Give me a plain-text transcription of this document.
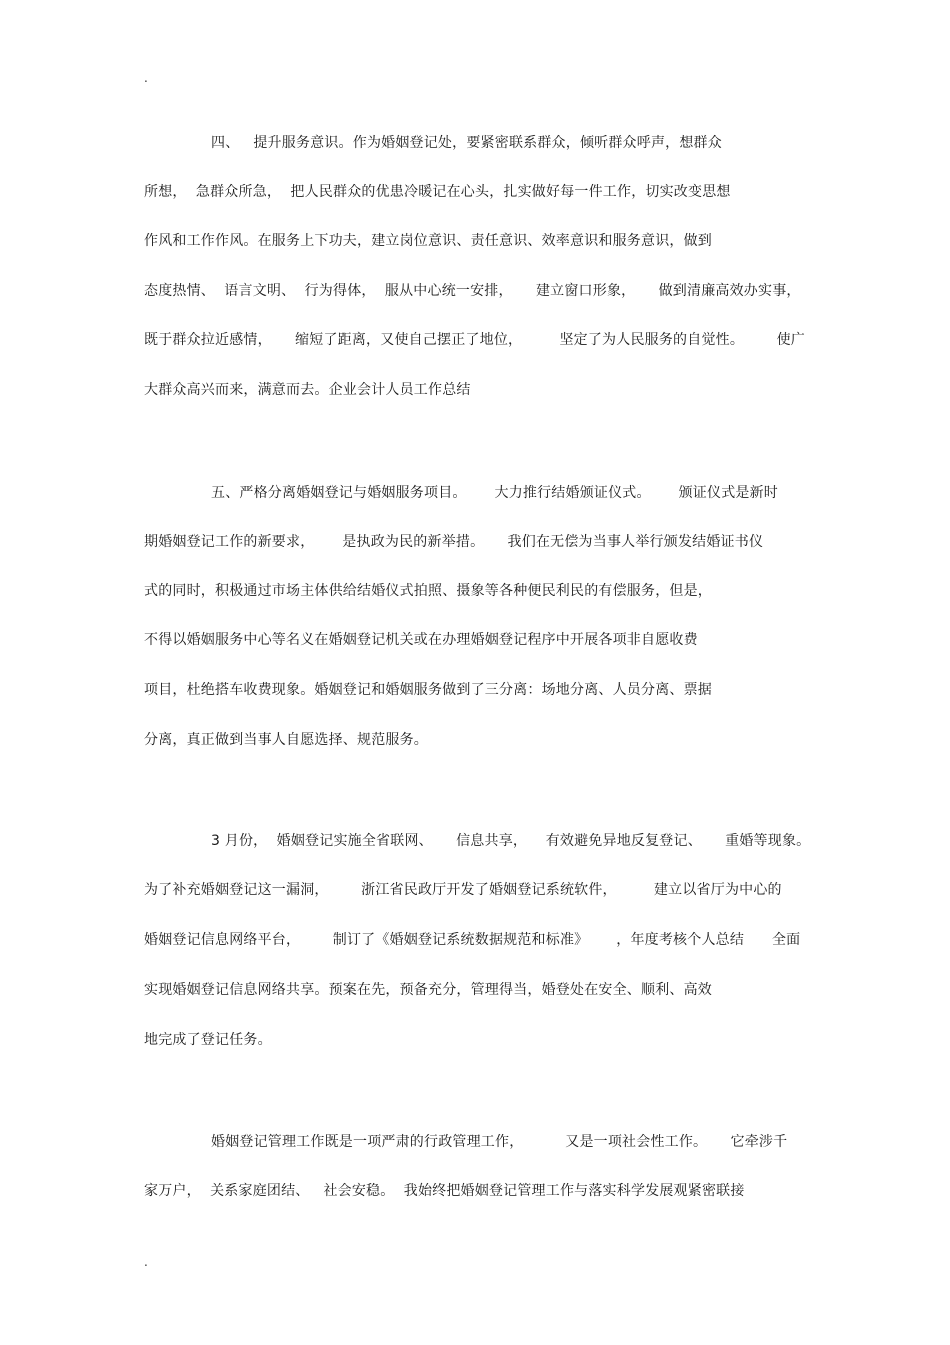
.
四、   提升服务意识。作为婚姻登记处，要紧密联系群众，倾听群众呼声，想群众
所想，  急群众所急，  把人民群众的优患冷暖记在心头，扎实做好每一件工作，切实改变思想
作风和工作作风。在服务上下功夫，建立岗位意识、责任意识、效率意识和服务意识，做到
态度热情、  语言文明、  行为得体，  服从中心统一安排，     建立窗口形象，     做到清廉高效办实事，
既于群众拉近感情，     缩短了距离，又使自己摆正了地位，        坚定了为人民服务的自觉性。       使广
大群众高兴而来，满意而去。企业会计人员工作总结
五、严格分离婚姻登记与婚姻服务项目。      大力推行结婚颁证仪式。      颁证仪式是新时
期婚姻登记工作的新要求，      是执政为民的新举措。     我们在无偿为当事人举行颁发结婚证书仪
式的同时，积极通过市场主体供给结婚仪式拍照、摄象等各种便民利民的有偿服务，但是，
不得以婚姻服务中心等名义在婚姻登记机关或在办理婚姻登记程序中开展各项非自愿收费
项目，杜绝搭车收费现象。婚姻登记和婚姻服务做到了三分离：场地分离、人员分离、票据
分离，真正做到当事人自愿选择、规范服务。
3 月份，  婚姻登记实施全省联网、     信息共享，    有效避免异地反复登记、     重婚等现象。
为了补充婚姻登记这一漏洞，       浙江省民政厅开发了婚姻登记系统软件，        建立以省厅为中心的
婚姻登记信息网络平台，       制订了《婚姻登记系统数据规范和标准》      ，年度考核个人总结      全面
实现婚姻登记信息网络共享。预案在先，预备充分，管理得当，婚登处在安全、顺利、高效
地完成了登记任务。
婚姻登记管理工作既是一项严肃的行政管理工作，         又是一项社会性工作。     它牵涉千
家万户，  关系家庭团结、   社会安稳。  我始终把婚姻登记管理工作与落实科学发展观紧密联接
.
